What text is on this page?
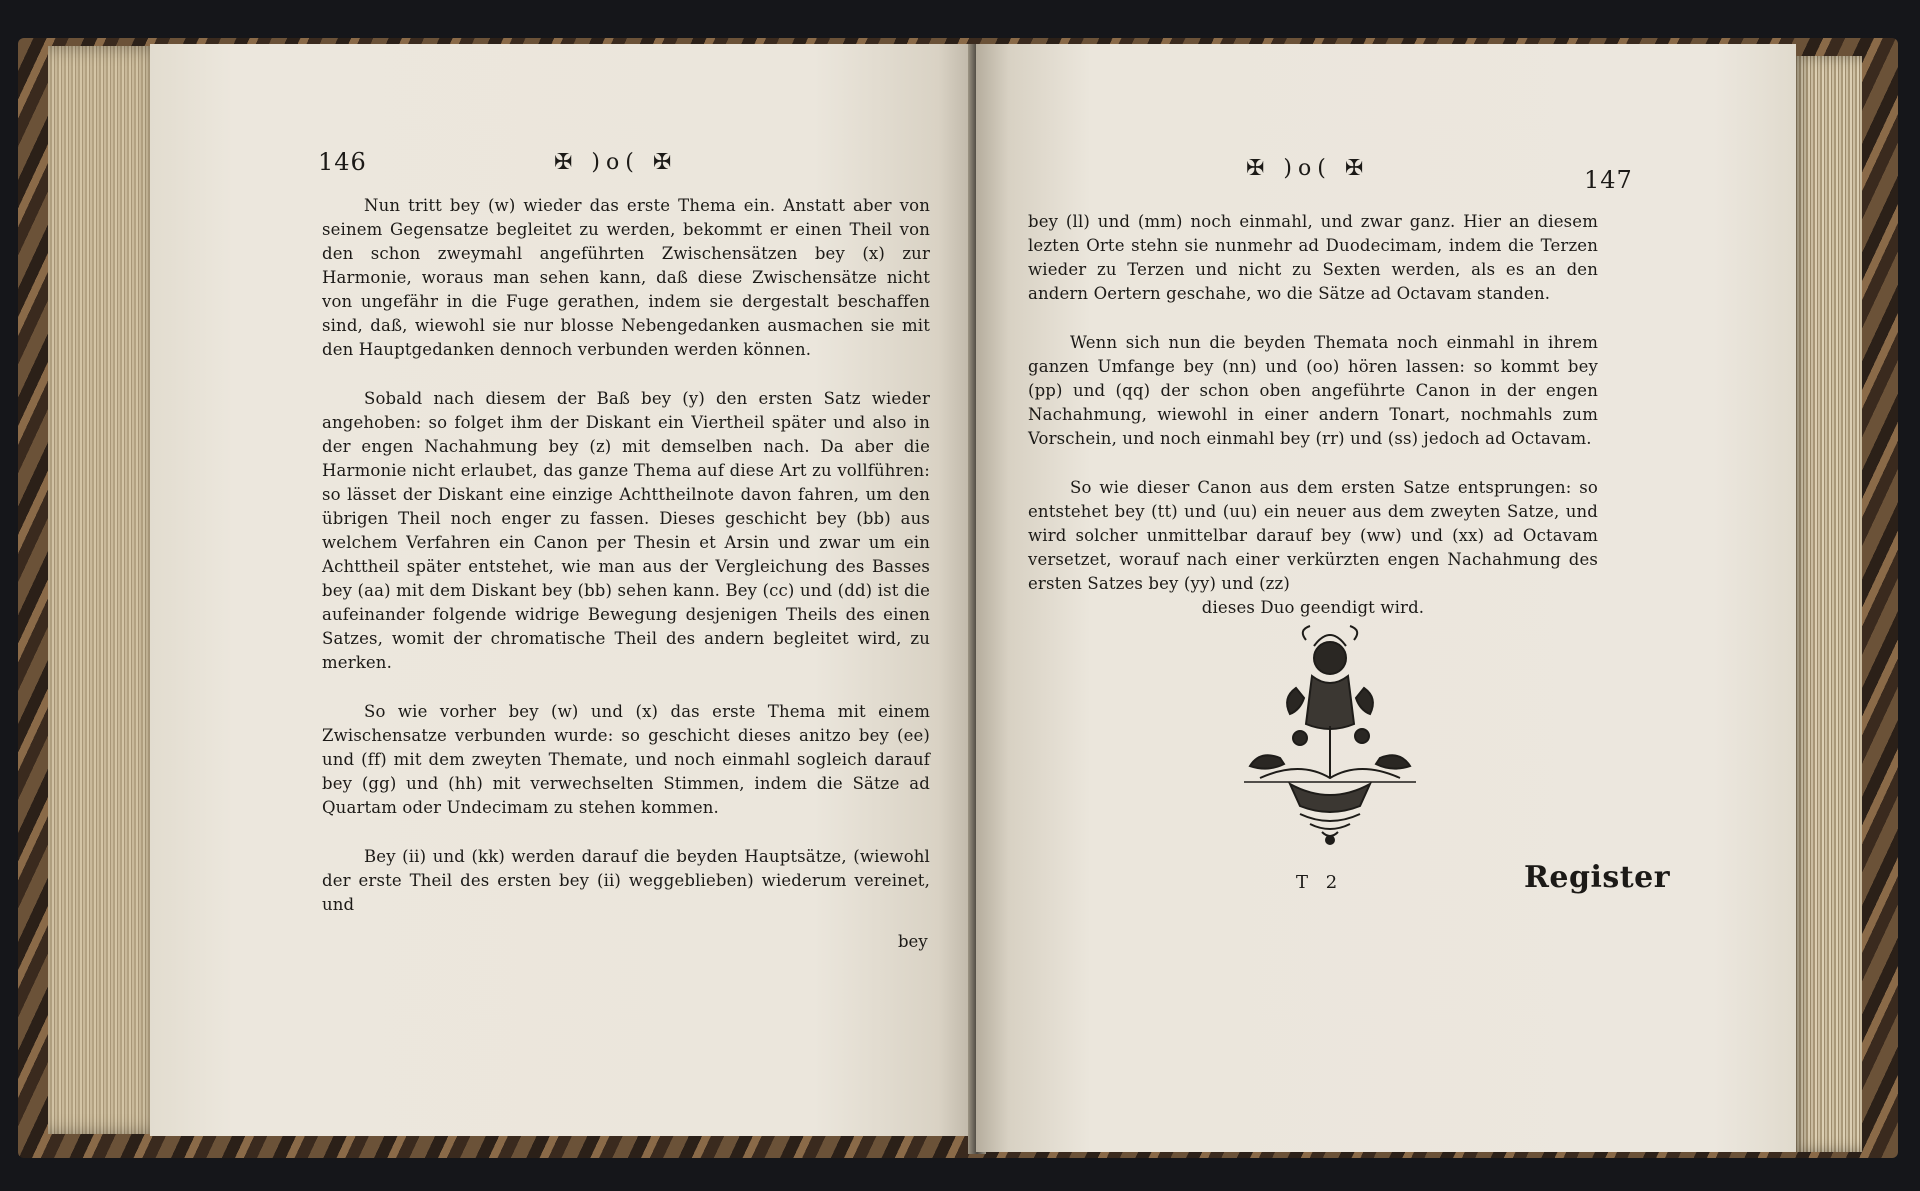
146	✠ )o( ✠

Nun tritt bey (w) wieder das erste Thema ein. Anstatt aber von seinem Gegensatze begleitet zu werden, bekommt er einen Theil von den schon zweymahl angeführten Zwischensätzen bey (x) zur Harmonie, woraus man sehen kann, daß diese Zwischensätze nicht von ungefähr in die Fuge gerathen, indem sie dergestalt beschaffen sind, daß, wiewohl sie nur blosse Nebengedanken ausmachen sie mit den Hauptgedanken dennoch verbunden werden können.

Sobald nach diesem der Baß bey (y) den ersten Satz wieder angehoben: so folget ihm der Diskant ein Viertheil später und also in der engen Nachahmung bey (z) mit demselben nach. Da aber die Harmonie nicht erlaubet, das ganze Thema auf diese Art zu vollführen: so lässet der Diskant eine einzige Achttheilnote davon fahren, um den übrigen Theil noch enger zu fassen. Dieses geschicht bey (bb) aus welchem Verfahren ein Canon per Thesin et Arsin und zwar um ein Achttheil später entstehet, wie man aus der Vergleichung des Basses bey (aa) mit dem Diskant bey (bb) sehen kann. Bey (cc) und (dd) ist die aufeinander folgende widrige Bewegung desjenigen Theils des einen Satzes, womit der chromatische Theil des andern begleitet wird, zu merken.

So wie vorher bey (w) und (x) das erste Thema mit einem Zwischensatze verbunden wurde: so geschicht dieses anitzo bey (ee) und (ff) mit dem zweyten Themate, und noch einmahl sogleich darauf bey (gg) und (hh) mit verwechselten Stimmen, indem die Sätze ad Quartam oder Undecimam zu stehen kommen.

Bey (ii) und (kk) werden darauf die beyden Hauptsätze, (wiewohl der erste Theil des ersten bey (ii) weggeblieben) wiederum vereinet, und

bey
✠ )o( ✠	147

bey (ll) und (mm) noch einmahl, und zwar ganz. Hier an diesem lezten Orte stehn sie nunmehr ad Duodecimam, indem die Terzen wieder zu Terzen und nicht zu Sexten werden, als es an den andern Oertern geschahe, wo die Sätze ad Octavam standen.

Wenn sich nun die beyden Themata noch einmahl in ihrem ganzen Umfange bey (nn) und (oo) hören lassen: so kommt bey (pp) und (qq) der schon oben angeführte Canon in der engen Nachahmung, wiewohl in einer andern Tonart, nochmahls zum Vorschein, und noch einmahl bey (rr) und (ss) jedoch ad Octavam.

So wie dieser Canon aus dem ersten Satze entsprungen: so entstehet bey (tt) und (uu) ein neuer aus dem zweyten Satze, und wird solcher unmittelbar darauf bey (ww) und (xx) ad Octavam versetzet, worauf nach einer verkürzten engen Nachahmung des ersten Satzes bey (yy) und (zz)

dieses Duo geendigt wird.
T 2	Register
